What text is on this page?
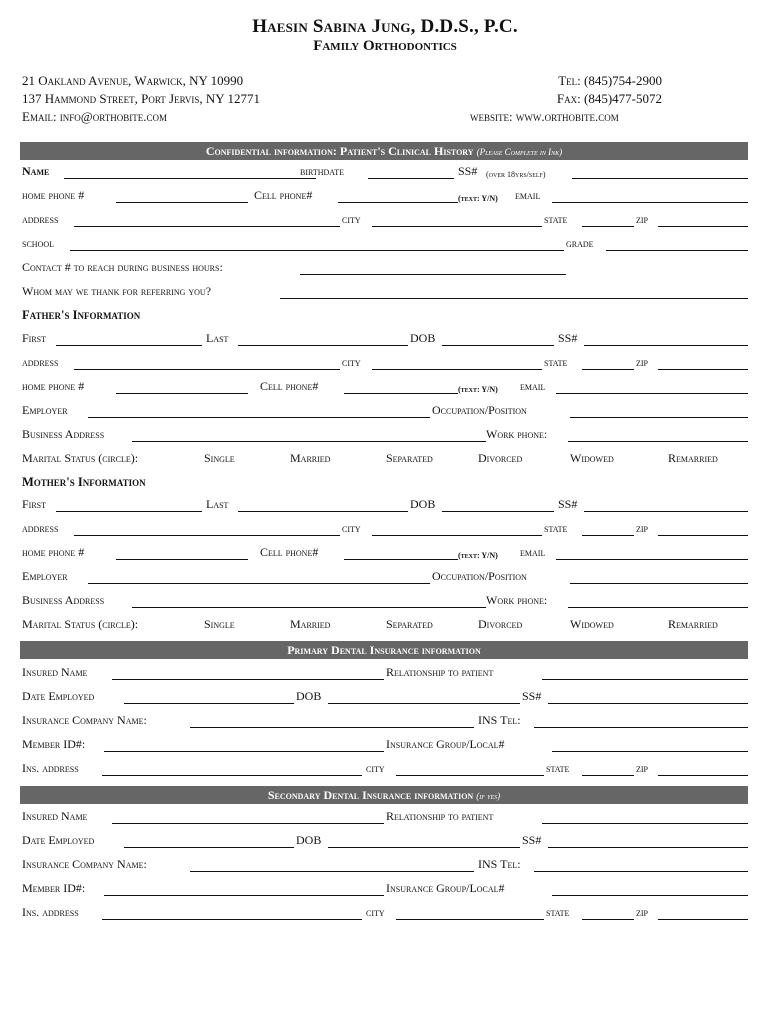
Haesin Sabina Jung, D.D.S., P.C.
Family Orthodontics
21 Oakland Avenue, Warwick, NY 10990
137 Hammond Street, Port Jervis, NY 12771
Email: info@orthobite.com
Tel: (845)754-2900
Fax: (845)477-5072
website: www.orthobite.com
Confidential information: Patient's Clinical History (Please Complete in Ink)
Name	birthdate	SS# (over 18yrs/self)
home phone #	Cell phone#	(text: Y/N) email
address	city	state	zip
school	grade
Contact # to reach during business hours:
Whom may we thank for referring you?
Father's Information
First	Last	DOB	SS#
address	city	state	zip
home phone #	Cell phone#	(text: Y/N) email
Employer	Occupation/Position
Business Address	Work phone:
Marital Status (circle):	Single	Married	Separated	Divorced	Widowed	Remarried
Mother's Information
First	Last	DOB	SS#
address	city	state	zip
home phone #	Cell phone#	(text: Y/N) email
Employer	Occupation/Position
Business Address	Work phone:
Marital Status (circle):	Single	Married	Separated	Divorced	Widowed	Remarried
Primary Dental Insurance information
Insured Name	Relationship to patient
Date Employed	DOB	SS#
Insurance Company Name:	INS Tel:
Member ID#:	Insurance Group/Local#
Ins. address	city	state	zip
Secondary Dental Insurance information (if yes)
Insured Name	Relationship to patient
Date Employed	DOB	SS#
Insurance Company Name:	INS Tel:
Member ID#:	Insurance Group/Local#
Ins. address	city	state	zip
